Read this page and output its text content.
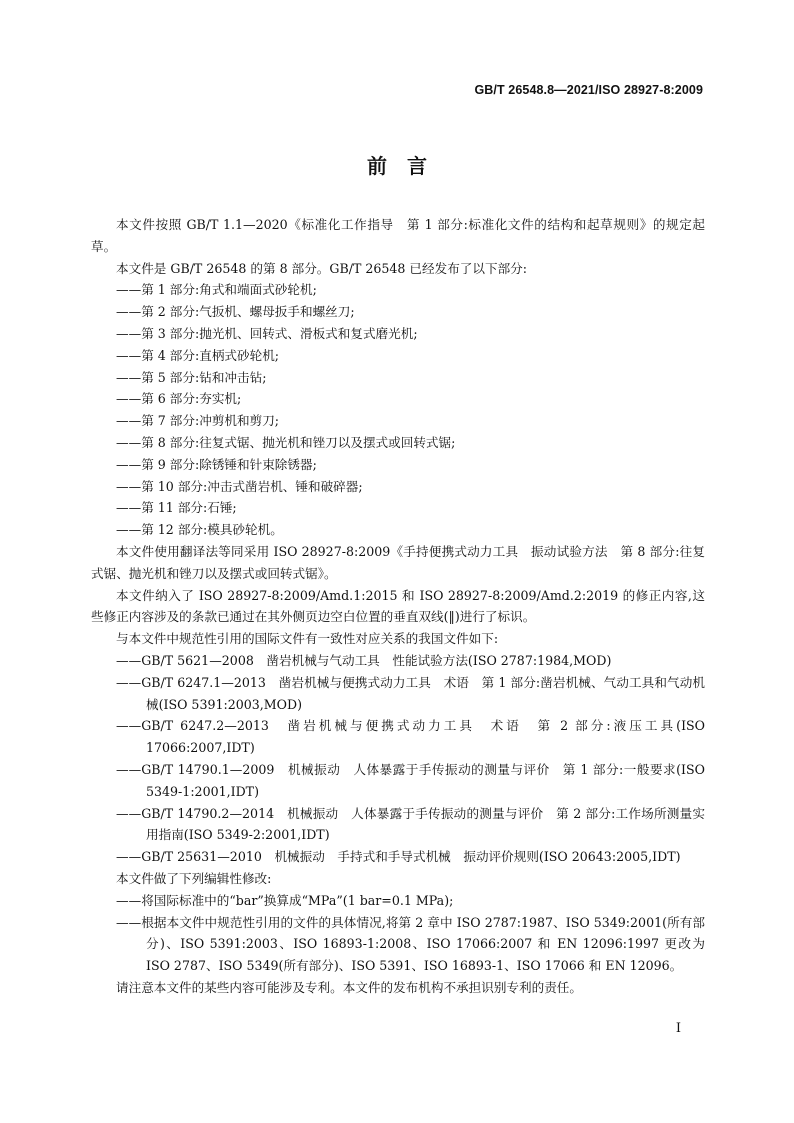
GB/T 26548.8—2021/ISO 28927-8:2009
前　言

本文件按照 GB/T 1.1—2020《标准化工作指导　第 1 部分:标准化文件的结构和起草规则》的规定起草。

本文件是 GB/T 26548 的第 8 部分。GB/T 26548 已经发布了以下部分:

——第 1 部分:角式和端面式砂轮机;

——第 2 部分:气扳机、螺母扳手和螺丝刀;

——第 3 部分:抛光机、回转式、滑板式和复式磨光机;

——第 4 部分:直柄式砂轮机;

——第 5 部分:钻和冲击钻;

——第 6 部分:夯实机;

——第 7 部分:冲剪机和剪刀;

——第 8 部分:往复式锯、抛光机和锉刀以及摆式或回转式锯;

——第 9 部分:除锈锤和针束除锈器;

——第 10 部分:冲击式凿岩机、锤和破碎器;

——第 11 部分:石锤;

——第 12 部分:模具砂轮机。

本文件使用翻译法等同采用 ISO 28927-8:2009《手持便携式动力工具　振动试验方法　第 8 部分:往复式锯、抛光机和锉刀以及摆式或回转式锯》。

本文件纳入了 ISO 28927-8:2009/Amd.1:2015 和 ISO 28927-8:2009/Amd.2:2019 的修正内容,这些修正内容涉及的条款已通过在其外侧页边空白位置的垂直双线(‖)进行了标识。

与本文件中规范性引用的国际文件有一致性对应关系的我国文件如下:

——GB/T 5621—2008　凿岩机械与气动工具　性能试验方法(ISO 2787:1984,MOD)

——GB/T 6247.1—2013　凿岩机械与便携式动力工具　术语　第 1 部分:凿岩机械、气动工具和气动机械(ISO 5391:2003,MOD)

——GB/T 6247.2—2013　凿岩机械与便携式动力工具　术语　第 2 部分:液压工具(ISO 17066:2007,IDT)

——GB/T 14790.1—2009　机械振动　人体暴露于手传振动的测量与评价　第 1 部分:一般要求(ISO 5349-1:2001,IDT)

——GB/T 14790.2—2014　机械振动　人体暴露于手传振动的测量与评价　第 2 部分:工作场所测量实用指南(ISO 5349-2:2001,IDT)

——GB/T 25631—2010　机械振动　手持式和手导式机械　振动评价规则(ISO 20643:2005,IDT)

本文件做了下列编辑性修改:

——将国际标准中的“bar”换算成“MPa”(1 bar=0.1 MPa);

——根据本文件中规范性引用的文件的具体情况,将第 2 章中 ISO 2787:1987、ISO 5349:2001(所有部分)、ISO 5391:2003、ISO 16893-1:2008、ISO 17066:2007 和 EN 12096:1997 更改为 ISO 2787、ISO 5349(所有部分)、ISO 5391、ISO 16893-1、ISO 17066 和 EN 12096。

请注意本文件的某些内容可能涉及专利。本文件的发布机构不承担识别专利的责任。

I
